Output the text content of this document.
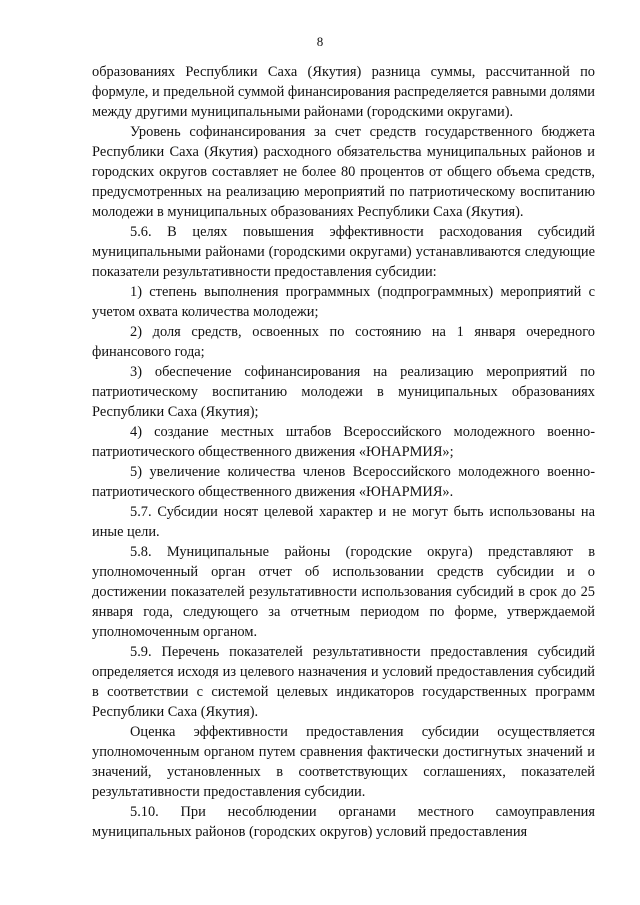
8

образованиях Республики Саха (Якутия) разница суммы, рассчитанной по формуле, и предельной суммой финансирования распределяется равными долями между другими муниципальными районами (городскими округами).

Уровень софинансирования за счет средств государственного бюджета Республики Саха (Якутия) расходного обязательства муниципальных районов и городских округов составляет не более 80 процентов от общего объема средств, предусмотренных на реализацию мероприятий по патриотическому воспитанию молодежи в муниципальных образованиях Республики Саха (Якутия).

5.6. В целях повышения эффективности расходования субсидий муниципальными районами (городскими округами) устанавливаются следующие показатели результативности предоставления субсидии:

1) степень выполнения программных (подпрограммных) мероприятий с учетом охвата количества молодежи;

2) доля средств, освоенных по состоянию на 1 января очередного финансового года;

3) обеспечение софинансирования на реализацию мероприятий по патриотическому воспитанию молодежи в муниципальных образованиях Республики Саха (Якутия);

4) создание местных штабов Всероссийского молодежного военно-патриотического общественного движения «ЮНАРМИЯ»;

5) увеличение количества членов Всероссийского молодежного военно-патриотического общественного движения «ЮНАРМИЯ».

5.7. Субсидии носят целевой характер и не могут быть использованы на иные цели.

5.8. Муниципальные районы (городские округа) представляют в уполномоченный орган отчет об использовании средств субсидии и о достижении показателей результативности использования субсидий в срок до 25 января года, следующего за отчетным периодом по форме, утверждаемой уполномоченным органом.

5.9. Перечень показателей результативности предоставления субсидий определяется исходя из целевого назначения и условий предоставления субсидий в соответствии с системой целевых индикаторов государственных программ Республики Саха (Якутия).

Оценка эффективности предоставления субсидии осуществляется уполномоченным органом путем сравнения фактически достигнутых значений и значений, установленных в соответствующих соглашениях, показателей результативности предоставления субсидии.

5.10. При несоблюдении органами местного самоуправления муниципальных районов (городских округов) условий предоставления
